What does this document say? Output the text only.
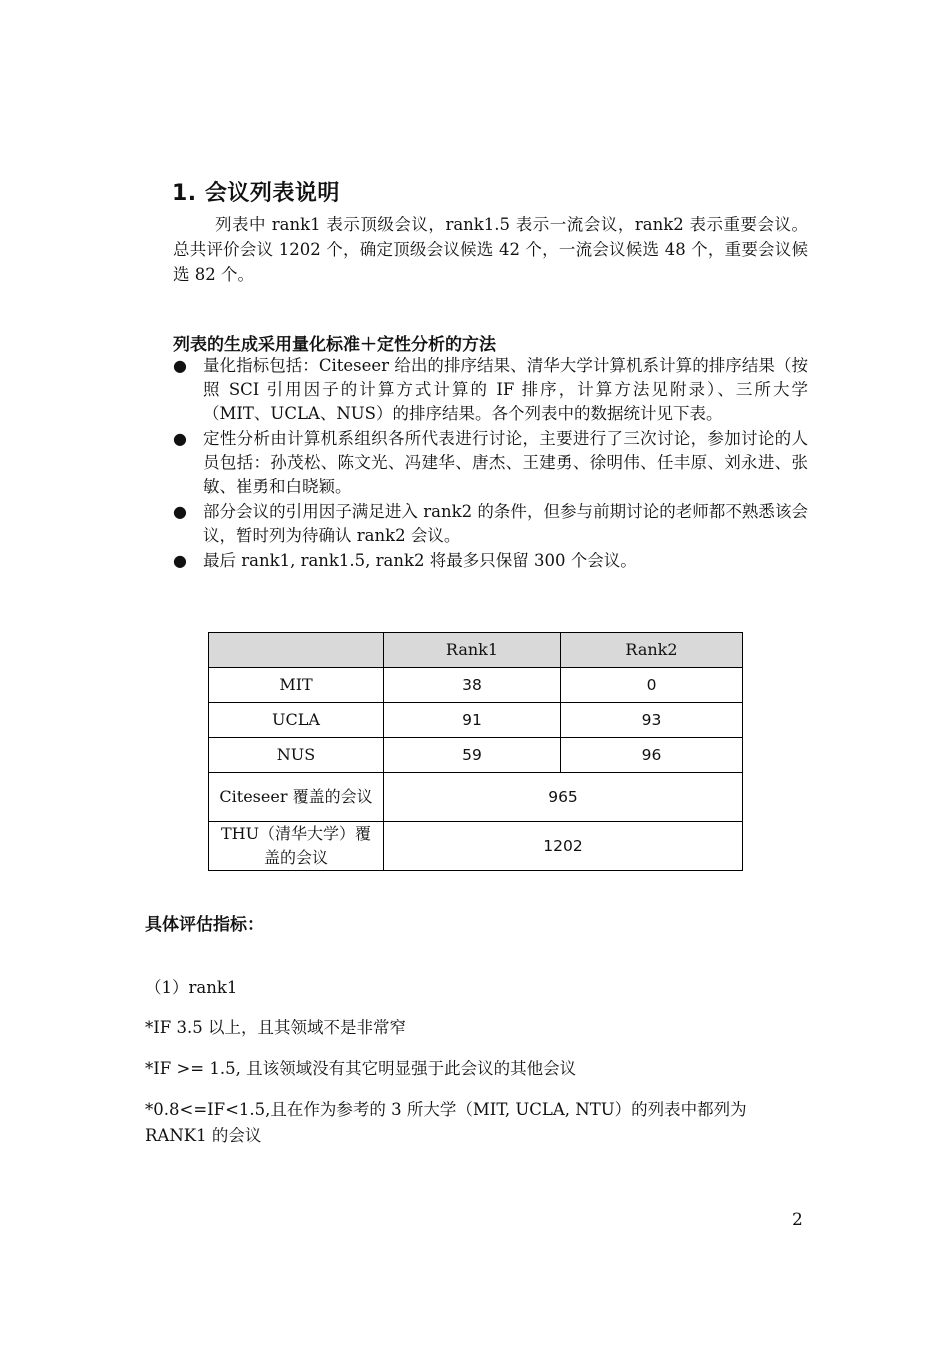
1. 会议列表说明
列表中 rank1 表示顶级会议，rank1.5 表示一流会议，rank2 表示重要会议。总共评价会议 1202 个，确定顶级会议候选 42 个，一流会议候选 48 个，重要会议候选 82 个。
列表的生成采用量化标准＋定性分析的方法
● 量化指标包括：Citeseer 给出的排序结果、清华大学计算机系计算的排序结果（按照 SCI 引用因子的计算方式计算的 IF 排序，计算方法见附录）、三所大学（MIT、UCLA、NUS）的排序结果。各个列表中的数据统计见下表。
● 定性分析由计算机系组织各所代表进行讨论，主要进行了三次讨论，参加讨论的人员包括：孙茂松、陈文光、冯建华、唐杰、王建勇、徐明伟、任丰原、刘永进、张敏、崔勇和白晓颖。
● 部分会议的引用因子满足进入 rank2 的条件，但参与前期讨论的老师都不熟悉该会议，暂时列为待确认 rank2 会议。
● 最后 rank1, rank1.5, rank2 将最多只保留 300 个会议。
	Rank1	Rank2
MIT	38	0
UCLA	91	93
NUS	59	96
Citeseer 覆盖的会议	965	
THU（清华大学）覆盖的会议	1202	
具体评估指标：
（1）rank1
*IF 3.5 以上，且其领域不是非常窄
*IF >= 1.5, 且该领域没有其它明显强于此会议的其他会议
*0.8<=IF<1.5,且在作为参考的 3 所大学（MIT, UCLA, NTU）的列表中都列为 RANK1 的会议
2
